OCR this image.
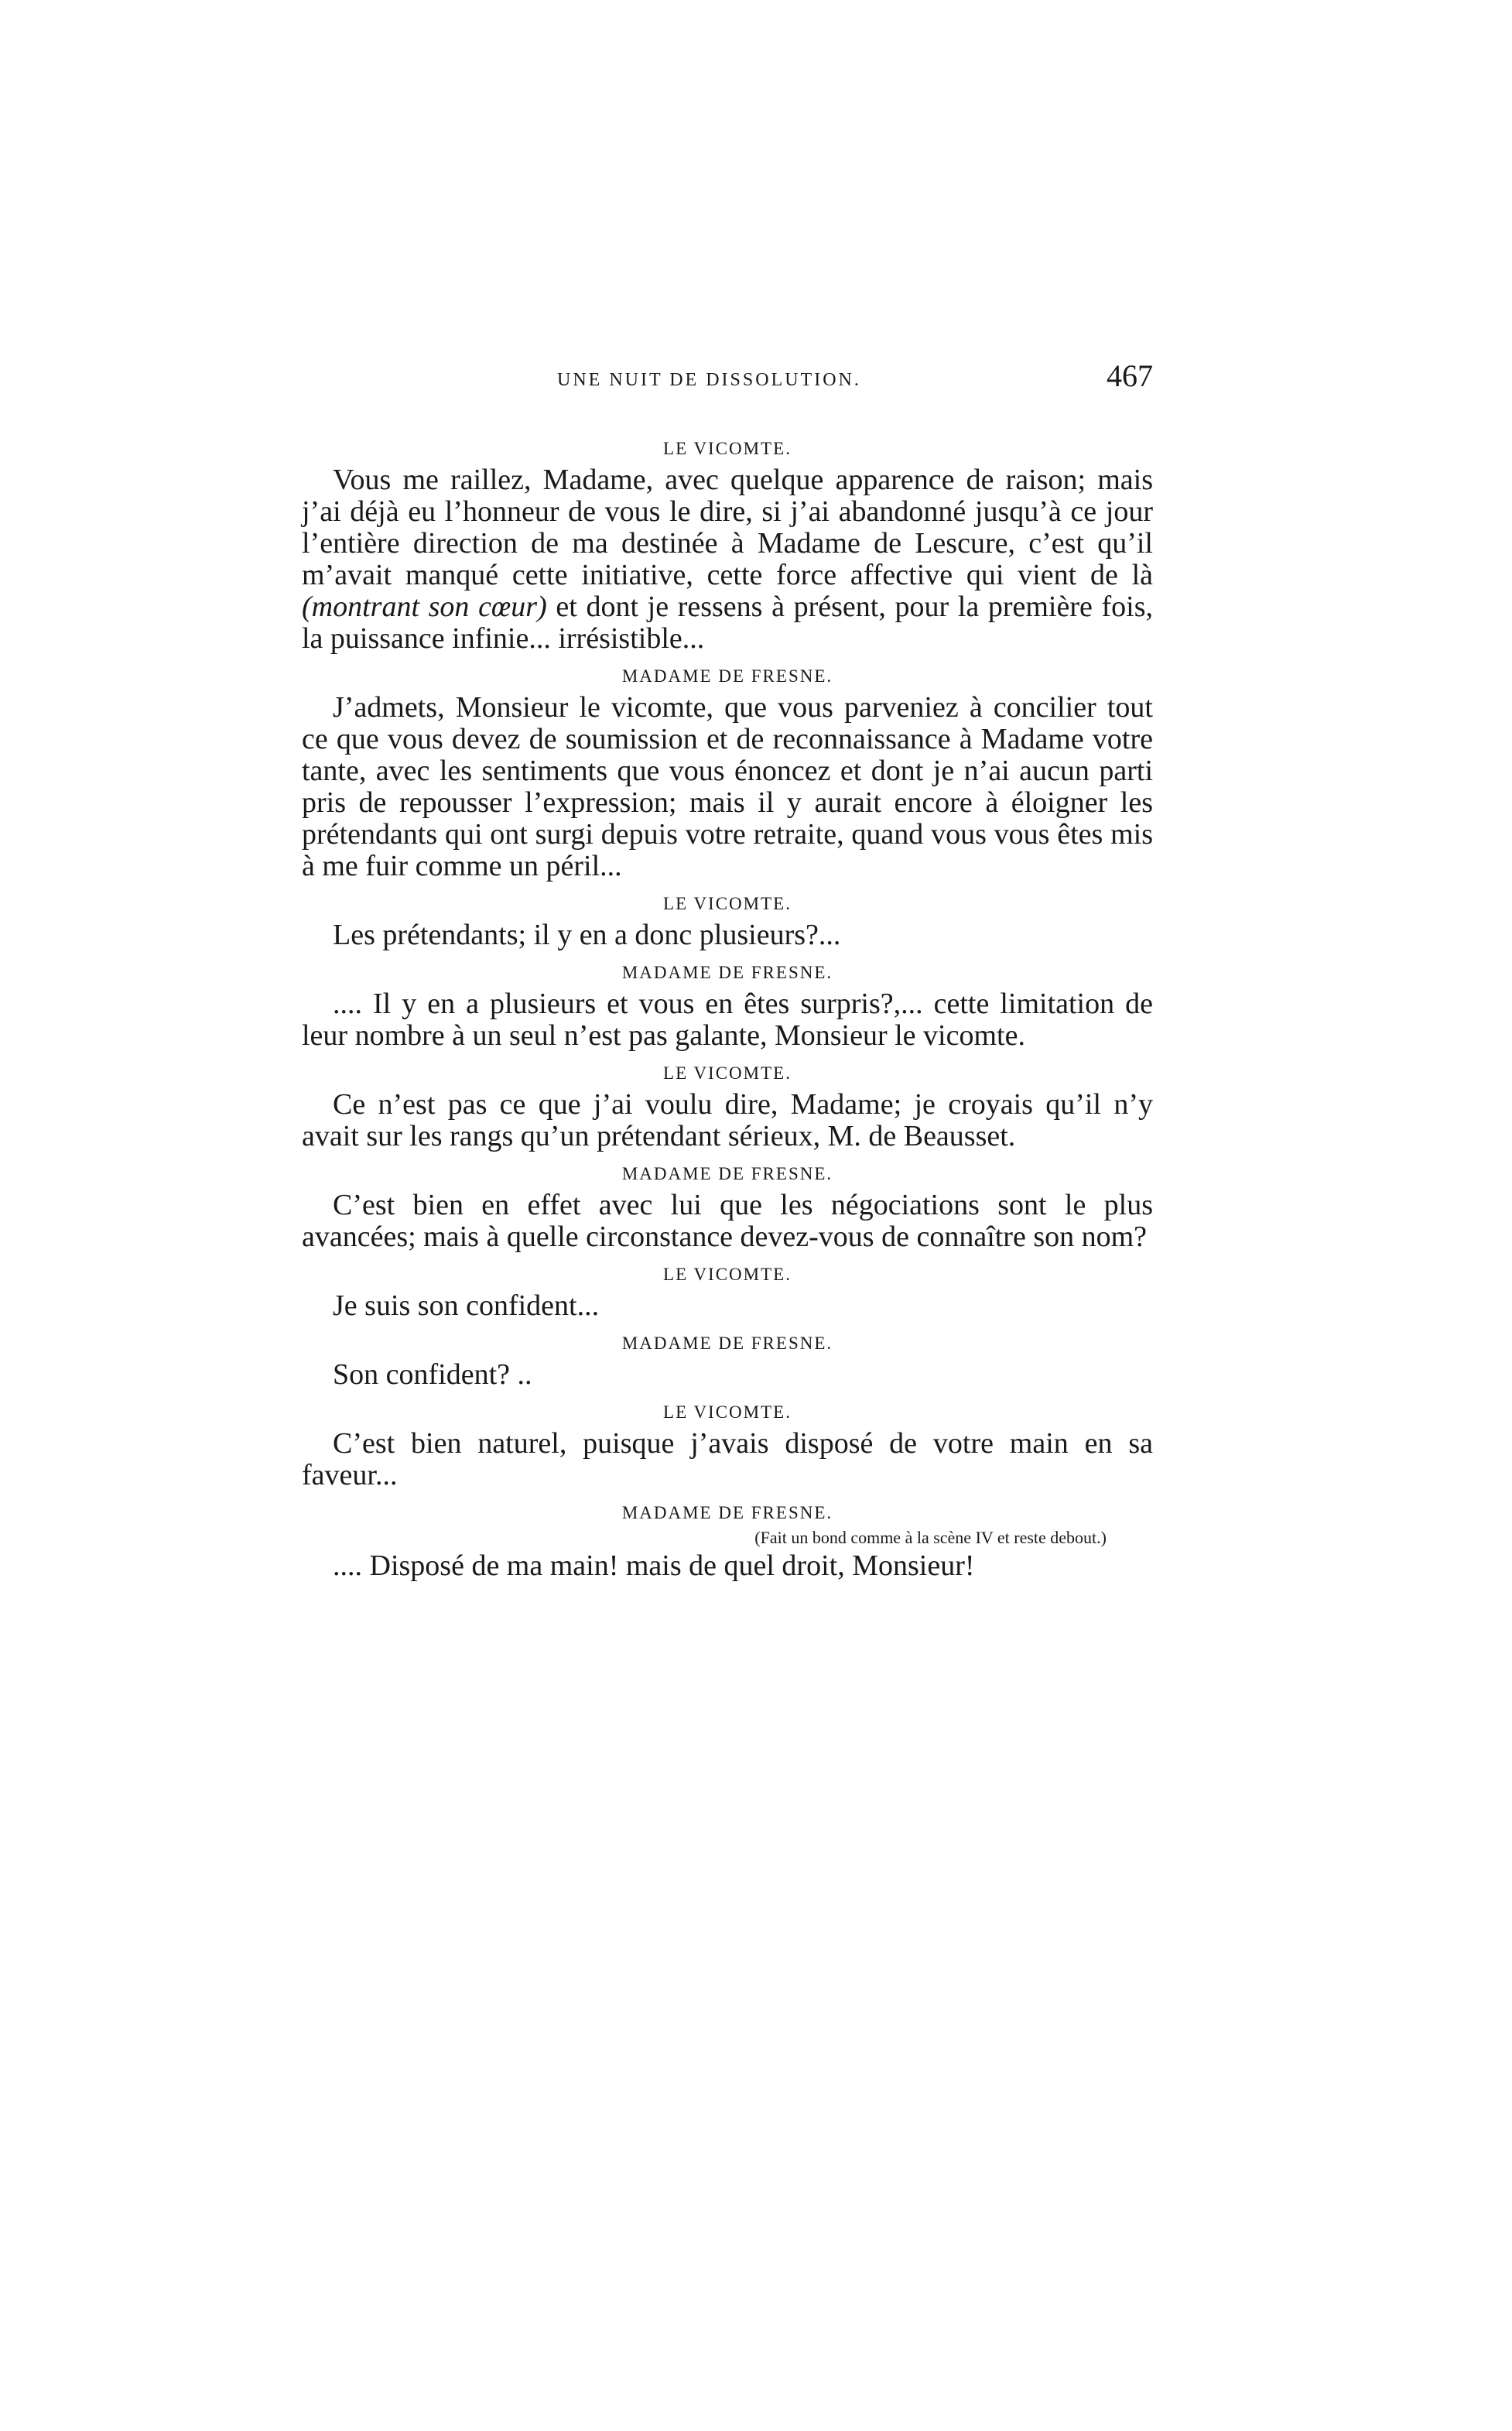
UNE NUIT DE DISSOLUTION.	467
LE VICOMTE.

Vous me raillez, Madame, avec quelque apparence de raison; mais j’ai déjà eu l’honneur de vous le dire, si j’ai abandonné jusqu’à ce jour l’entière direction de ma destinée à Madame de Lescure, c’est qu’il m’avait manqué cette initiative, cette force affective qui vient de là (montrant son cœur) et dont je ressens à présent, pour la première fois, la puissance infinie... irrésistible...

MADAME DE FRESNE.

J’admets, Monsieur le vicomte, que vous parveniez à concilier tout ce que vous devez de soumission et de reconnaissance à Madame votre tante, avec les sentiments que vous énoncez et dont je n’ai aucun parti pris de repousser l’expression; mais il y aurait encore à éloigner les prétendants qui ont surgi depuis votre retraite, quand vous vous êtes mis à me fuir comme un péril...

LE VICOMTE.

Les prétendants; il y en a donc plusieurs?...

MADAME DE FRESNE.

.... Il y en a plusieurs et vous en êtes surpris?,... cette limitation de leur nombre à un seul n’est pas galante, Monsieur le vicomte.

LE VICOMTE.

Ce n’est pas ce que j’ai voulu dire, Madame; je croyais qu’il n’y avait sur les rangs qu’un prétendant sérieux, M. de Beausset.

MADAME DE FRESNE.

C’est bien en effet avec lui que les négociations sont le plus avancées; mais à quelle circonstance devez-vous de connaître son nom?

LE VICOMTE.

Je suis son confident...

MADAME DE FRESNE.

Son confident? ..

LE VICOMTE.

C’est bien naturel, puisque j’avais disposé de votre main en sa faveur...

MADAME DE FRESNE.
(Fait un bond comme à la scène IV et reste debout.)

.... Disposé de ma main! mais de quel droit, Monsieur!
